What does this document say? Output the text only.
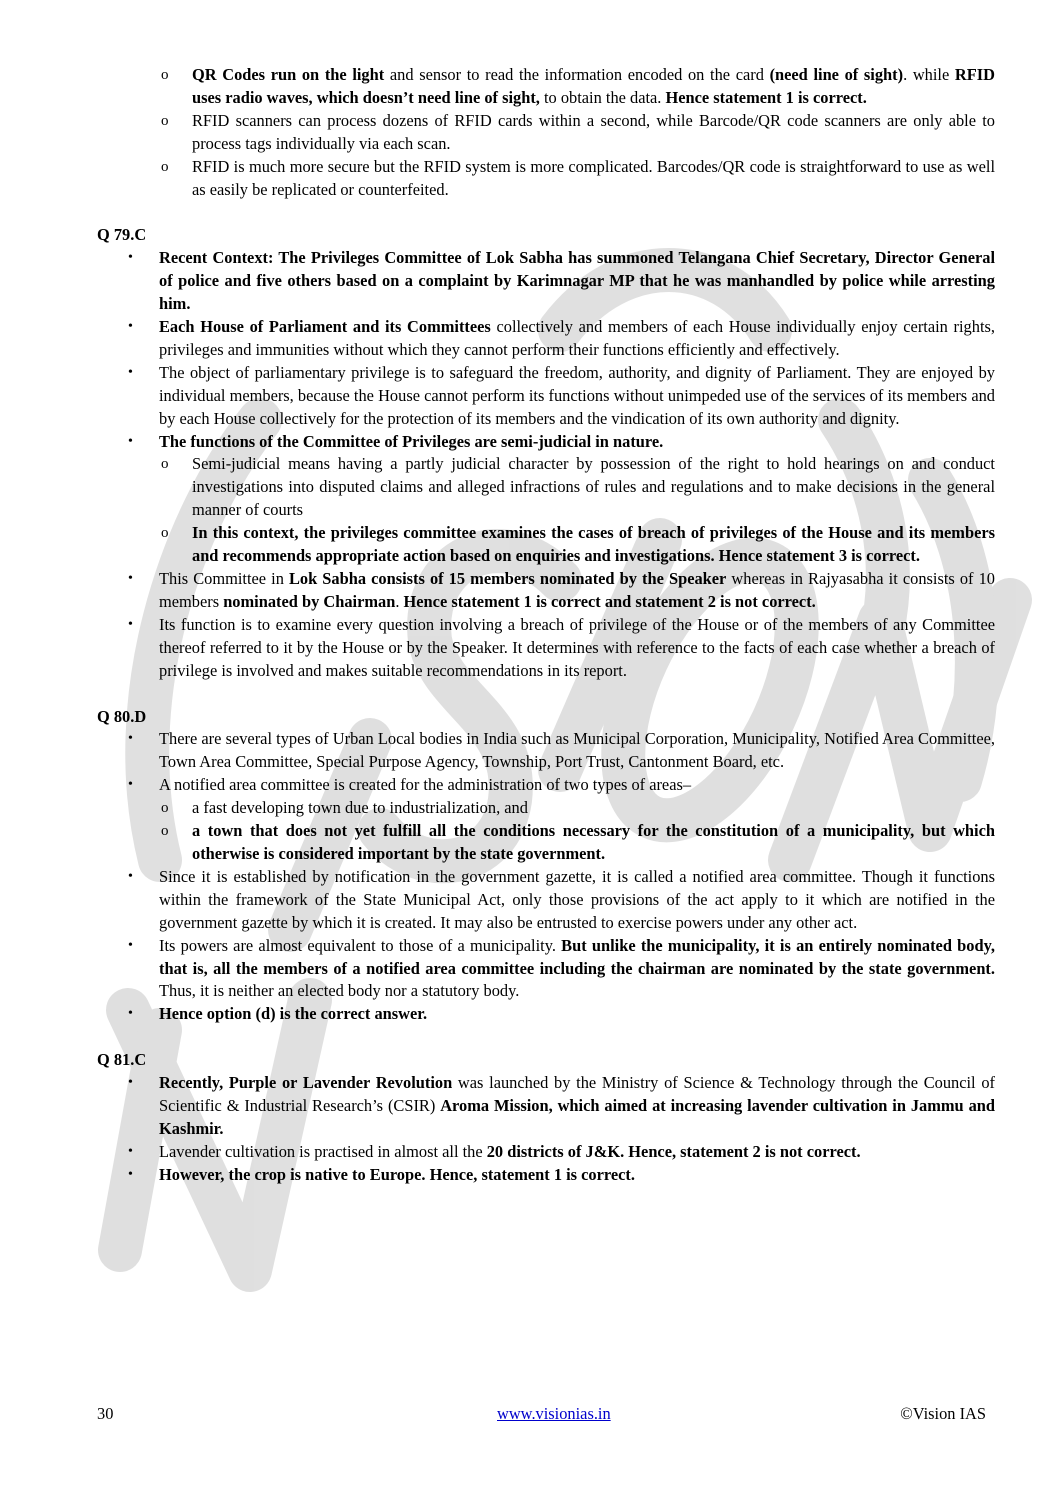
o QR Codes run on the light and sensor to read the information encoded on the card (need line of sight). while RFID uses radio waves, which doesn’t need line of sight, to obtain the data. Hence statement 1 is correct.
o RFID scanners can process dozens of RFID cards within a second, while Barcode/QR code scanners are only able to process tags individually via each scan.
o RFID is much more secure but the RFID system is more complicated. Barcodes/QR code is straightforward to use as well as easily be replicated or counterfeited.
Q 79.C
• Recent Context: The Privileges Committee of Lok Sabha has summoned Telangana Chief Secretary, Director General of police and five others based on a complaint by Karimnagar MP that he was manhandled by police while arresting him.
• Each House of Parliament and its Committees collectively and members of each House individually enjoy certain rights, privileges and immunities without which they cannot perform their functions efficiently and effectively.
• The object of parliamentary privilege is to safeguard the freedom, authority, and dignity of Parliament. They are enjoyed by individual members, because the House cannot perform its functions without unimpeded use of the services of its members and by each House collectively for the protection of its members and the vindication of its own authority and dignity.
• The functions of the Committee of Privileges are semi-judicial in nature.
o Semi-judicial means having a partly judicial character by possession of the right to hold hearings on and conduct investigations into disputed claims and alleged infractions of rules and regulations and to make decisions in the general manner of courts
o In this context, the privileges committee examines the cases of breach of privileges of the House and its members and recommends appropriate action based on enquiries and investigations. Hence statement 3 is correct.
• This Committee in Lok Sabha consists of 15 members nominated by the Speaker whereas in Rajyasabha it consists of 10 members nominated by Chairman. Hence statement 1 is correct and statement 2 is not correct.
• Its function is to examine every question involving a breach of privilege of the House or of the members of any Committee thereof referred to it by the House or by the Speaker. It determines with reference to the facts of each case whether a breach of privilege is involved and makes suitable recommendations in its report.
Q 80.D
• There are several types of Urban Local bodies in India such as Municipal Corporation, Municipality, Notified Area Committee, Town Area Committee, Special Purpose Agency, Township, Port Trust, Cantonment Board, etc.
• A notified area committee is created for the administration of two types of areas–
o a fast developing town due to industrialization, and
o a town that does not yet fulfill all the conditions necessary for the constitution of a municipality, but which otherwise is considered important by the state government.
• Since it is established by notification in the government gazette, it is called a notified area committee. Though it functions within the framework of the State Municipal Act, only those provisions of the act apply to it which are notified in the government gazette by which it is created. It may also be entrusted to exercise powers under any other act.
• Its powers are almost equivalent to those of a municipality. But unlike the municipality, it is an entirely nominated body, that is, all the members of a notified area committee including the chairman are nominated by the state government. Thus, it is neither an elected body nor a statutory body.
• Hence option (d) is the correct answer.
Q 81.C
• Recently, Purple or Lavender Revolution was launched by the Ministry of Science & Technology through the Council of Scientific & Industrial Research’s (CSIR) Aroma Mission, which aimed at increasing lavender cultivation in Jammu and Kashmir.
• Lavender cultivation is practised in almost all the 20 districts of J&K. Hence, statement 2 is not correct.
• However, the crop is native to Europe. Hence, statement 1 is correct.
30	www.visionias.in	©Vision IAS
